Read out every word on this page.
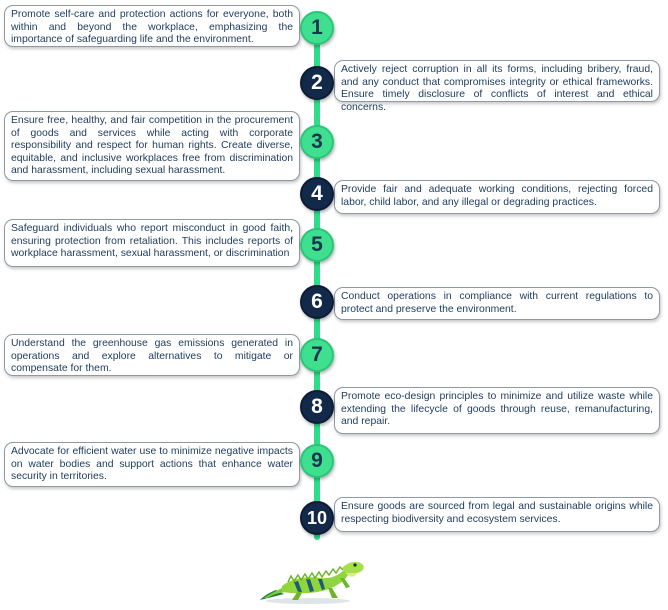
Promote self-care and protection actions for everyone, both within and beyond the workplace, emphasizing the importance of safeguarding life and the environment.
1
Actively reject corruption in all its forms, including bribery, fraud, and any conduct that compromises integrity or ethical frameworks. Ensure timely disclosure of conflicts of interest and ethical concerns.
2
Ensure free, healthy, and fair competition in the procurement of goods and services while acting with corporate responsibility and respect for human rights. Create diverse, equitable, and inclusive workplaces free from discrimination and harassment, including sexual harassment.
3
Provide fair and adequate working conditions, rejecting forced labor, child labor, and any illegal or degrading practices.
4
Safeguard individuals who report misconduct in good faith, ensuring protection from retaliation. This includes reports of workplace harassment, sexual harassment, or discrimination	5
Conduct operations in compliance with current regulations to protect and preserve the environment.
6
Understand the greenhouse gas emissions generated in operations and explore alternatives to mitigate or compensate for them.
7
Promote eco-design principles to minimize and utilize waste while extending the lifecycle of goods through reuse, remanufacturing, and repair.
8
Advocate for efficient water use to minimize negative impacts on water bodies and support actions that enhance water security in territories.
9
Ensure goods are sourced from legal and sustainable origins while respecting biodiversity and ecosystem services.
10
